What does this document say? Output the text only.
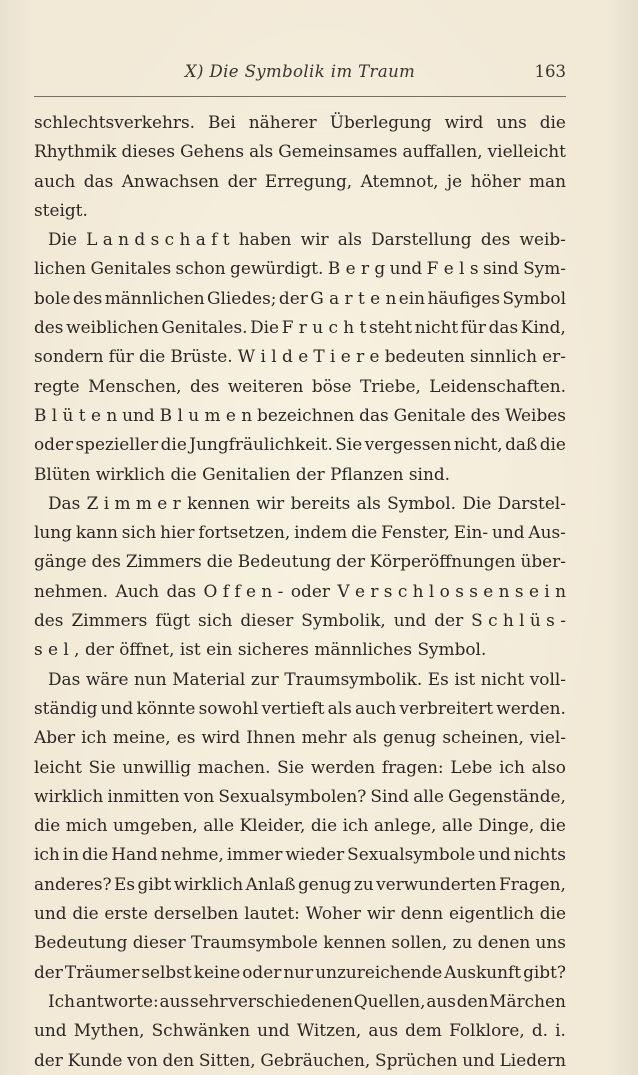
X) Die Symbolik im Traum	163
schlechtsverkehrs. Bei näherer Überlegung wird uns die
Rhythmik dieses Gehens als Gemeinsames auffallen, vielleicht
auch das Anwachsen der Erregung, Atemnot, je höher man
steigt.
Die L a n d s c h a f t haben wir als Darstellung des weib-
lichen Genitales schon gewürdigt. B e r g und F e l s sind Sym-
bole des männlichen Gliedes; der G a r t e n ein häufiges Symbol
des weiblichen Genitales. Die F r u c h t steht nicht für das Kind,
sondern für die Brüste. W i l d e T i e r e bedeuten sinnlich er-
regte Menschen, des weiteren böse Triebe, Leidenschaften.
B l ü t e n und B l u m e n bezeichnen das Genitale des Weibes
oder spezieller die Jungfräulichkeit. Sie vergessen nicht, daß die
Blüten wirklich die Genitalien der Pflanzen sind.
Das Z i m m e r kennen wir bereits als Symbol. Die Darstel-
lung kann sich hier fortsetzen, indem die Fenster, Ein- und Aus-
gänge des Zimmers die Bedeutung der Körperöffnungen über-
nehmen. Auch das O f f e n - oder V e r s c h l o s s e n s e i n
des Zimmers fügt sich dieser Symbolik, und der S c h l ü s -
s e l , der öffnet, ist ein sicheres männliches Symbol.
Das wäre nun Material zur Traumsymbolik. Es ist nicht voll-
ständig und könnte sowohl vertieft als auch verbreitert werden.
Aber ich meine, es wird Ihnen mehr als genug scheinen, viel-
leicht Sie unwillig machen. Sie werden fragen: Lebe ich also
wirklich inmitten von Sexualsymbolen? Sind alle Gegenstände,
die mich umgeben, alle Kleider, die ich anlege, alle Dinge, die
ich in die Hand nehme, immer wieder Sexualsymbole und nichts
anderes? Es gibt wirklich Anlaß genug zu verwunderten Fragen,
und die erste derselben lautet: Woher wir denn eigentlich die
Bedeutung dieser Traumsymbole kennen sollen, zu denen uns
der Träumer selbst keine oder nur unzureichende Auskunft gibt?
Ich antworte: aus sehr verschiedenen Quellen, aus den Märchen
und Mythen, Schwänken und Witzen, aus dem Folklore, d. i.
der Kunde von den Sitten, Gebräuchen, Sprüchen und Liedern
